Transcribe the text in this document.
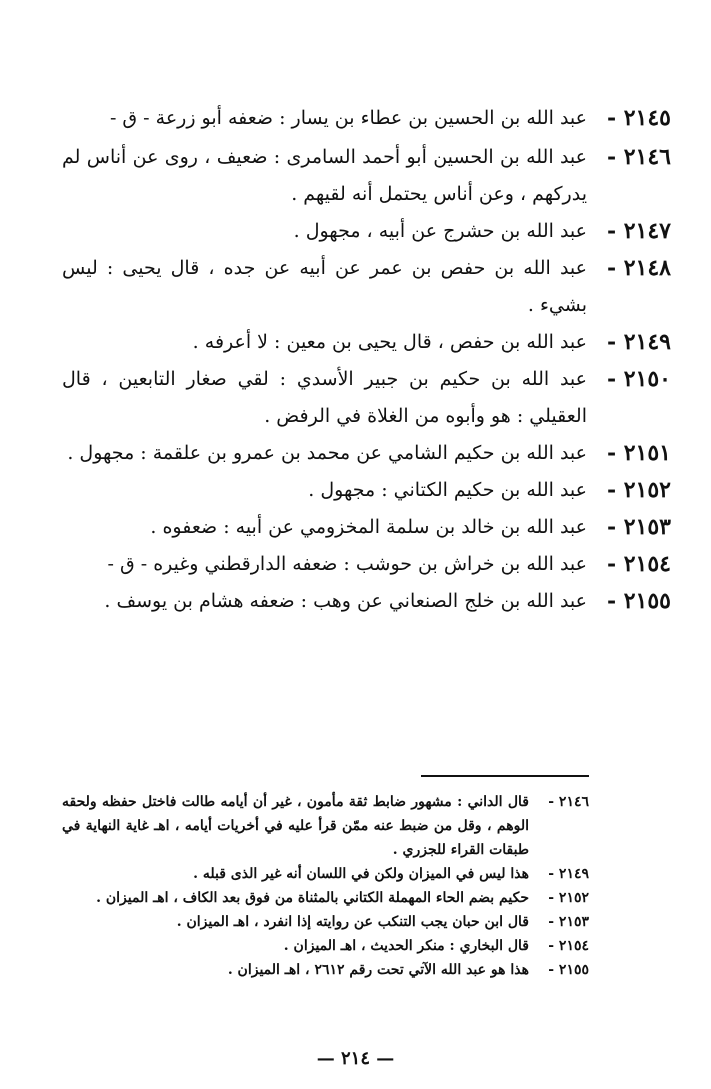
٢١٤٥ -
عبد الله بن الحسين بن عطاء بن يسار : ضعفه أبو زرعة - ق -
٢١٤٦ -
عبد الله بن الحسين أبو أحمد السامرى : ضعيف ، روى عن أناس لم يدركهم ، وعن أناس يحتمل أنه لقيهم .
٢١٤٧ -
عبد الله بن حشرج عن أبيه ، مجهول .
٢١٤٨ -
عبد الله بن حفص بن عمر عن أبيه عن جده ، قال يحيى : ليس بشيء .
٢١٤٩ -
عبد الله بن حفص ، قال يحيى بن معين : لا أعرفه .
٢١٥٠ -
عبد الله بن حكيم بن جبير الأسدي : لقي صغار التابعين ، قال العقيلي : هو وأبوه من الغلاة في الرفض .
٢١٥١ -
عبد الله بن حكيم الشامي عن محمد بن عمرو بن علقمة : مجهول .
٢١٥٢ -
عبد الله بن حكيم الكتاني : مجهول .
٢١٥٣ -
عبد الله بن خالد بن سلمة المخزومي عن أبيه : ضعفوه .
٢١٥٤ -
عبد الله بن خراش بن حوشب : ضعفه الدارقطني وغيره - ق -
٢١٥٥ -
عبد الله بن خلج الصنعاني عن وهب : ضعفه هشام بن يوسف .
٢١٤٦ -
قال الداني : مشهور ضابط ثقة مأمون ، غير أن أيامه طالت فاختل حفظه ولحقه الوهم ، وقل من ضبط عنه ممّن قرأ عليه في أخريات أيامه ، اهـ غاية النهاية في طبقات القراء للجزري .
٢١٤٩ -
هذا ليس في الميزان ولكن في اللسان أنه غير الذى قبله .
٢١٥٢ -
حكيم بضم الحاء المهملة الكتاني بالمثناة من فوق بعد الكاف ، اهـ الميزان .
٢١٥٣ -
قال ابن حبان يجب التنكب عن روايته إذا انفرد ، اهـ الميزان .
٢١٥٤ -
قال البخاري : منكر الحديث ، اهـ الميزان .
٢١٥٥ -
هذا هو عبد الله الآتي تحت رقم ٢٦١٢ ، اهـ الميزان .
— ٢١٤ —
